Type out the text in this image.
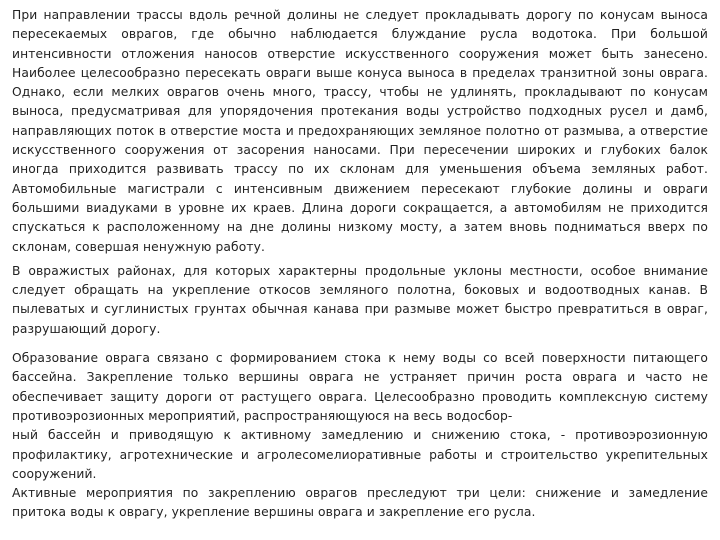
При направлении трассы вдоль речной долины не следует прокладывать дорогу по конусам выноса пересекаемых оврагов, где обычно наблюдается блуждание русла водотока. При большой интенсивности отложения наносов отверстие искусственного сооружения может быть занесено. Наиболее целесообразно пересекать овраги выше конуса выноса в пределах транзитной зоны оврага. Однако, если мелких оврагов очень много, трассу, чтобы не удлинять, прокладывают по конусам выноса, предусматривая для упорядочения протекания воды устройство подходных русел и дамб, направляющих поток в отверстие моста и предохраняющих земляное полотно от размыва, а отверстие искусственного сооружения от засорения наносами. При пересечении широких и глубоких балок иногда приходится развивать трассу по их склонам для уменьшения объема земляных работ. Автомобильные магистрали с интенсивным движением пересекают глубокие долины и овраги большими виадуками в уровне их краев. Длина дороги сокращается, а автомобилям не приходится спускаться к расположенному на дне долины низкому мосту, а затем вновь подниматься вверх по склонам, совершая ненужную работу.

В овражистых районах, для которых характерны продольные уклоны местности, особое внимание следует обращать на укрепление откосов земляного полотна, боковых и водоотводных канав. В пылеватых и суглинистых грунтах обычная канава при размыве может быстро превратиться в овраг, разрушающий дорогу.

Образование оврага связано с формированием стока к нему воды со всей поверхности питающего бассейна. Закрепление только вершины оврага не устраняет причин роста оврага и часто не обеспечивает защиту дороги от растущего оврага. Целесообразно проводить комплексную систему противоэрозионных мероприятий, распространяющуюся на весь водосбор-

ный бассейн и приводящую к активному замедлению и снижению стока, - противоэрозионную профилактику, агротехнические и агролесомелиоративные работы и строительство укрепительных сооружений.

Активные мероприятия по закреплению оврагов преследуют три цели: снижение и замедление притока воды к оврагу, укрепление вершины оврага и закрепление его русла.
